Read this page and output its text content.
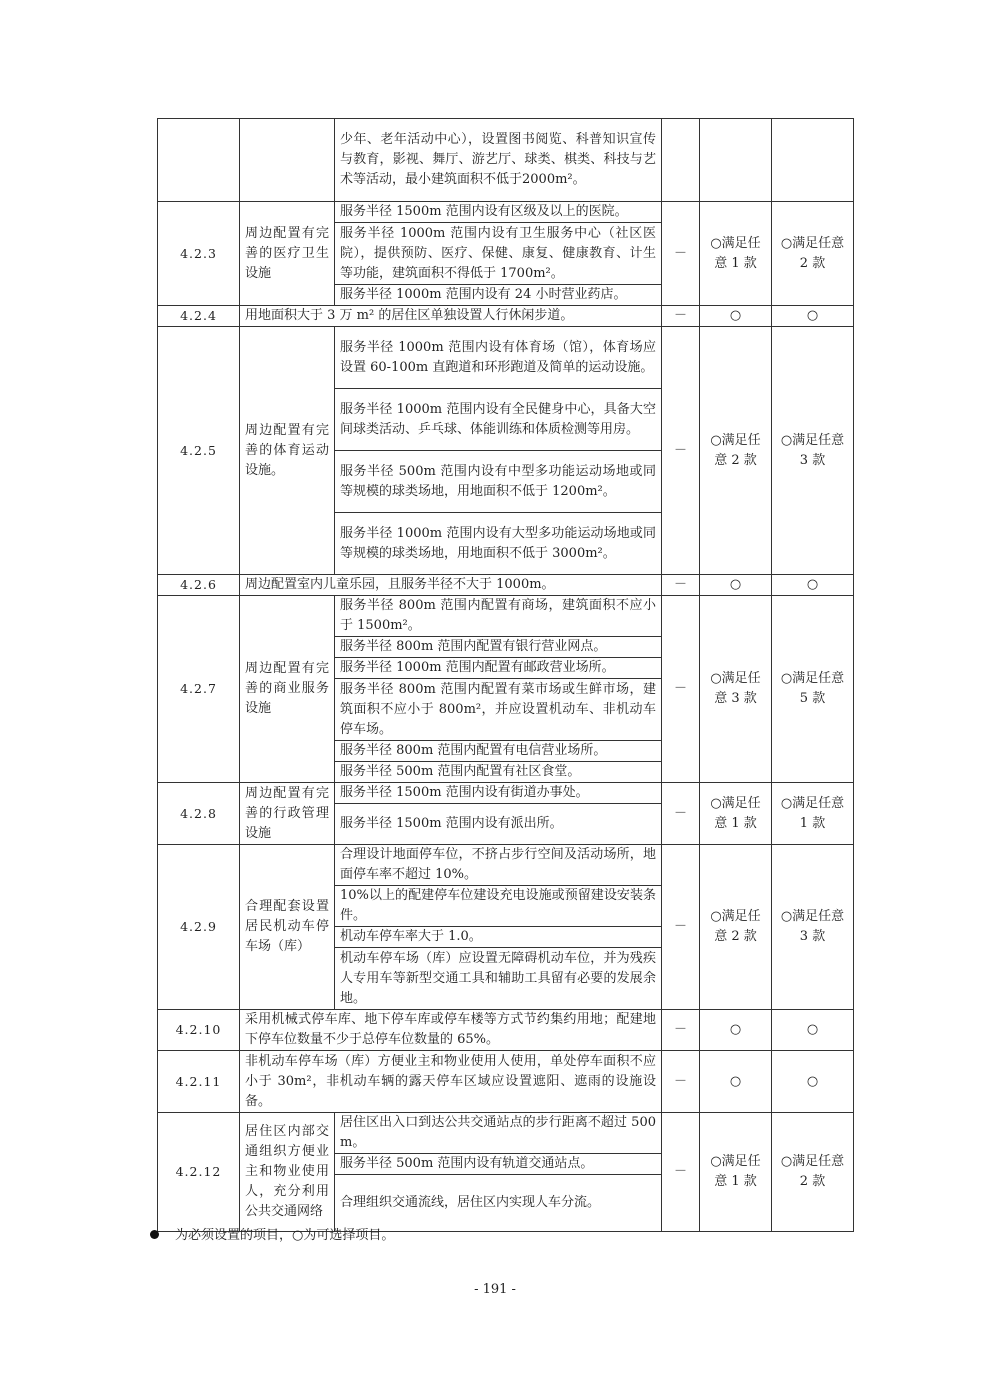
		少年、老年活动中心），设置图书阅览、科普知识宣传与教育，影视、舞厅、游艺厅、球类、棋类、科技与艺术等活动，最小建筑面积不低于2000m²。			
4.2.3	周边配置有完善的医疗卫生设施	服务半径 1500m 范围内设有区级及以上的医院。	－	○满足任意 1 款	○满足任意 2 款
		服务半径 1000m 范围内设有卫生服务中心（社区医院），提供预防、医疗、保健、康复、健康教育、计生等功能，建筑面积不得低于 1700m²。			
		服务半径 1000m 范围内设有 24 小时营业药店。			
4.2.4	用地面积大于 3 万 m² 的居住区单独设置人行休闲步道。		－	○	○
4.2.5	周边配置有完善的体育运动设施。	服务半径 1000m 范围内设有体育场（馆），体育场应设置 60-100m 直跑道和环形跑道及简单的运动设施。	－	○满足任意 2 款	○满足任意 3 款
		服务半径 1000m 范围内设有全民健身中心，具备大空间球类活动、乒乓球、体能训练和体质检测等用房。			
		服务半径 500m 范围内设有中型多功能运动场地或同等规模的球类场地，用地面积不低于 1200m²。			
		服务半径 1000m 范围内设有大型多功能运动场地或同等规模的球类场地，用地面积不低于 3000m²。			
4.2.6	周边配置室内儿童乐园，且服务半径不大于 1000m。		－	○	○
4.2.7	周边配置有完善的商业服务设施	服务半径 800m 范围内配置有商场，建筑面积不应小于 1500m²。	－	○满足任意 3 款	○满足任意 5 款
		服务半径 800m 范围内配置有银行营业网点。			
		服务半径 1000m 范围内配置有邮政营业场所。			
		服务半径 800m 范围内配置有菜市场或生鲜市场，建筑面积不应小于 800m²，并应设置机动车、非机动车停车场。			
		服务半径 800m 范围内配置有电信营业场所。			
		服务半径 500m 范围内配置有社区食堂。			
4.2.8	周边配置有完善的行政管理设施	服务半径 1500m 范围内设有街道办事处。	－	○满足任意 1 款	○满足任意 1 款
		服务半径 1500m 范围内设有派出所。			
4.2.9	合理配套设置居民机动车停车场（库）	合理设计地面停车位，不挤占步行空间及活动场所，地面停车率不超过 10%。	－	○满足任意 2 款	○满足任意 3 款
		10%以上的配建停车位建设充电设施或预留建设安装条件。			
		机动车停车率大于 1.0。			
		机动车停车场（库）应设置无障碍机动车位，并为残疾人专用车等新型交通工具和辅助工具留有必要的发展余地。			
4.2.10	采用机械式停车库、地下停车库或停车楼等方式节约集约用地；配建地下停车位数量不少于总停车位数量的 65%。		－	○	○
4.2.11	非机动车停车场（库）方便业主和物业使用人使用，单处停车面积不应小于 30m²，非机动车辆的露天停车区域应设置遮阳、遮雨的设施设备。		－	○	○
4.2.12	居住区内部交通组织方便业主和物业使用人，充分利用公共交通网络	居住区出入口到达公共交通站点的步行距离不超过 500m。	－	○满足任意 1 款	○满足任意 2 款
		服务半径 500m 范围内设有轨道交通站点。			
		合理组织交通流线，居住区内实现人车分流。			
为必须设置的项目，○为可选择项目。
- 191 -
